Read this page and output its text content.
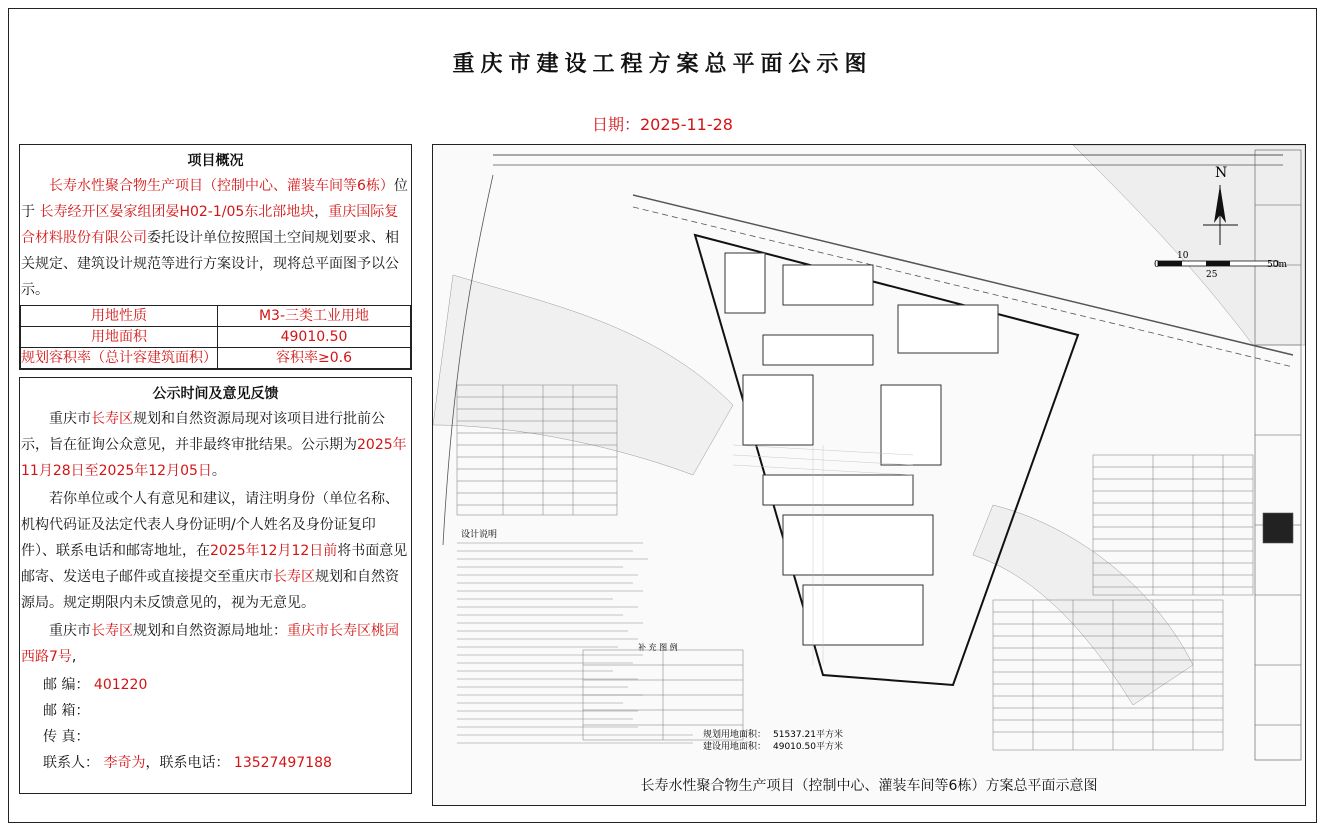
重庆市建设工程方案总平面公示图
日期：2025-11-28
项目概况
长寿水性聚合物生产项目（控制中心、灌装车间等6栋）位于 长寿经开区晏家组团晏H02-1/05东北部地块，重庆国际复合材料股份有限公司委托设计单位按照国土空间规划要求、相关规定、建筑设计规范等进行方案设计，现将总平面图予以公示。
用地性质	M3-三类工业用地
用地面积	49010.50
规划容积率（总计容建筑面积）	容积率≥0.6
公示时间及意见反馈
重庆市长寿区规划和自然资源局现对该项目进行批前公示，旨在征询公众意见，并非最终审批结果。公示期为2025年11月28日至2025年12月05日。
若你单位或个人有意见和建议，请注明身份（单位名称、机构代码证及法定代表人身份证明/个人姓名及身份证复印件）、联系电话和邮寄地址，在2025年12月12日前将书面意见邮寄、发送电子邮件或直接提交至重庆市长寿区规划和自然资源局。规定期限内未反馈意见的，视为无意见。
重庆市长寿区规划和自然资源局地址：重庆市长寿区桃园西路7号,
邮 编： 401220
邮 箱：
传 真：
联系人： 李奇为，联系电话： 13527497188
N
0
10
25
50m
设计说明
补 充 图 例
规划用地面积： 51537.21平方米
建设用地面积： 49010.50平方米
长寿水性聚合物生产项目（控制中心、灌装车间等6栋）方案总平面示意图
